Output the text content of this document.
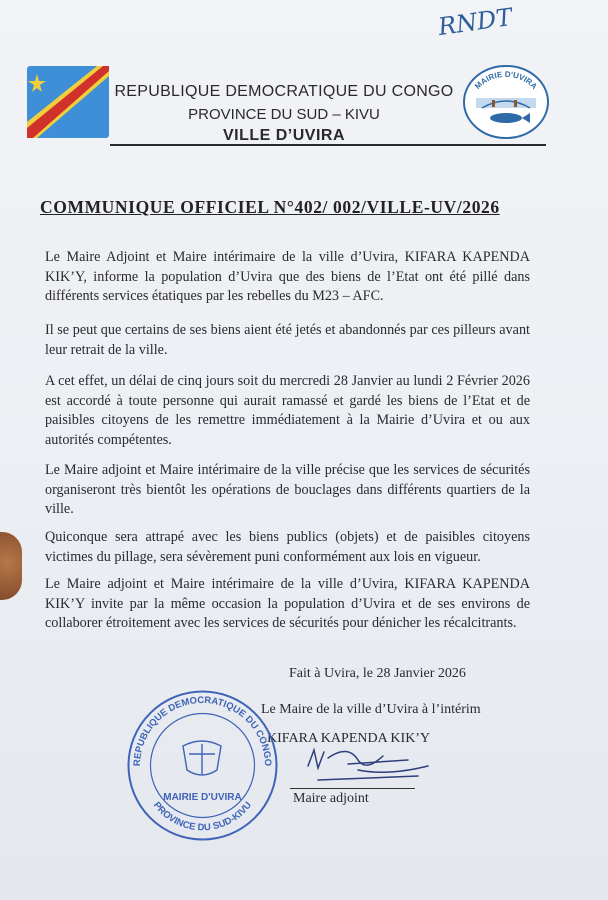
RNDT
REPUBLIQUE DEMOCRATIQUE DU CONGO
PROVINCE DU SUD – KIVU
VILLE D’UVIRA
MAIRIE D'UVIRA
COMMUNIQUE OFFICIEL N°402/ 002/VILLE-UV/2026
Le Maire Adjoint et Maire intérimaire de la ville d’Uvira, KIFARA KAPENDA KIK’Y, informe la population d’Uvira que des biens de l’Etat ont été pillé dans différents services étatiques par les rebelles du M23 – AFC.
Il se peut que certains de ses biens aient été jetés et abandonnés par ces pilleurs avant leur retrait de la ville.
A cet effet, un délai de cinq jours soit du mercredi 28 Janvier au lundi 2 Février 2026 est accordé à toute personne qui aurait ramassé et gardé les biens de l’Etat et de paisibles citoyens de les remettre immédiatement à la Mairie d’Uvira et ou aux autorités compétentes.
Le Maire adjoint et Maire intérimaire de la ville précise que les services de sécurités organiseront très bientôt les opérations de bouclages dans différents quartiers de la ville.
Quiconque sera attrapé avec les biens publics (objets) et de paisibles citoyens victimes du pillage, sera sévèrement puni conformément aux lois en vigueur.
Le Maire adjoint et Maire intérimaire de la ville d’Uvira, KIFARA KAPENDA KIK’Y invite par la même occasion la population d’Uvira et de ses environs de collaborer étroitement avec les services de sécurités pour dénicher les récalcitrants.
Fait à Uvira, le 28 Janvier 2026
Le Maire de la ville d’Uvira à l’intérim
KIFARA KAPENDA KIK’Y
Maire adjoint
REPUBLIQUE DEMOCRATIQUE DU CONGO
PROVINCE DU SUD-KIVU
MAIRIE D'UVIRA
